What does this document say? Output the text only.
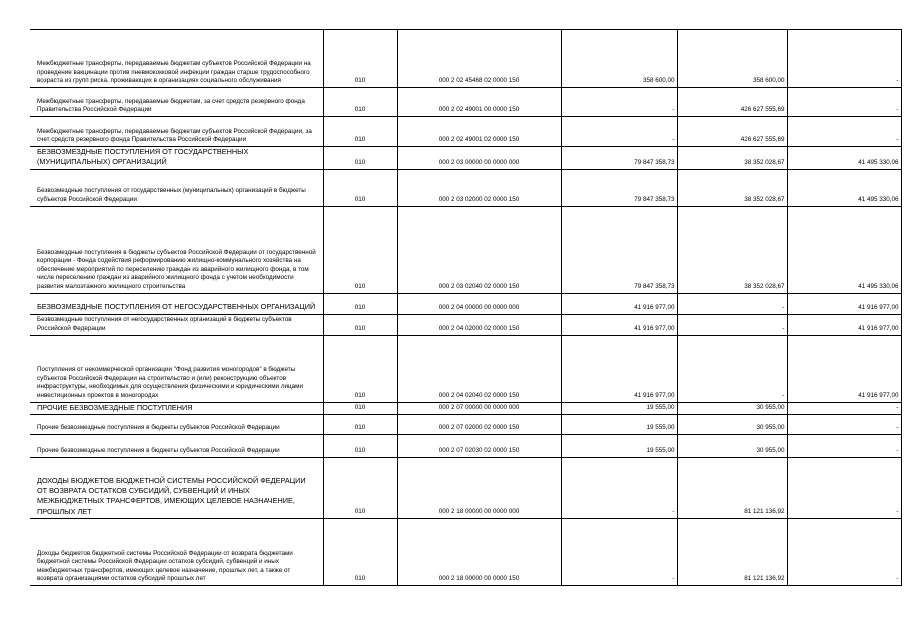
Межбюджетные трансферты, передаваемые бюджетам субъектов Российской Федерации на проведение вакцинации против пневмококковой инфекции граждан старше трудоспособного возраста из групп риска, проживающих в организациях социального обслуживания	010	000 2 02 45468 02 0000 150	358 600,00	358 600,00	-
Межбюджетные трансферты, передаваемые бюджетам, за счет средств резервного фонда Правительства Российской Федерации	010	000 2 02 49001 00 0000 150	-	426 627 555,69	-
Межбюджетные трансферты, передаваемые бюджетам субъектов Российской Федерации, за счет средств резервного фонда Правительства Российской Федерации	010	000 2 02 49001 02 0000 150	-	426 627 555,69	-
БЕЗВОЗМЕЗДНЫЕ ПОСТУПЛЕНИЯ ОТ ГОСУДАРСТВЕННЫХ (МУНИЦИПАЛЬНЫХ) ОРГАНИЗАЦИЙ	010	000 2 03 00000 00 0000 000	79 847 358,73	38 352 028,67	41 495 330,06
Безвозмездные поступления от государственных (муниципальных) организаций в бюджеты субъектов Российской Федерации	010	000 2 03 02000 02 0000 150	79 847 358,73	38 352 028,67	41 495 330,06
Безвозмездные поступления в бюджеты субъектов Российской Федерации от государственной корпорации - Фонда содействия реформированию жилищно-коммунального хозяйства на обеспечение мероприятий по переселению граждан из аварийного жилищного фонда, в том числе переселению граждан из аварийного жилищного фонда с учетом необходимости развития малоэтажного жилищного строительства	010	000 2 03 02040 02 0000 150	79 847 358,73	38 352 028,67	41 495 330,06
БЕЗВОЗМЕЗДНЫЕ ПОСТУПЛЕНИЯ ОТ НЕГОСУДАРСТВЕННЫХ ОРГАНИЗАЦИЙ	010	000 2 04 00000 00 0000 000	41 916 977,00	-	41 916 977,00
Безвозмездные поступления от негосударственных организаций в бюджеты субъектов Российской Федерации	010	000 2 04 02000 02 0000 150	41 916 977,00	-	41 916 977,00
Поступления от некоммерческой организации "Фонд развития моногородов" в бюджеты субъектов Российской Федерации на строительство и (или) реконструкцию объектов инфраструктуры, необходимых для осуществления физическими и юридическими лицами инвестиционных проектов в моногородах	010	000 2 04 02040 02 0000 150	41 916 977,00	-	41 916 977,00
ПРОЧИЕ БЕЗВОЗМЕЗДНЫЕ ПОСТУПЛЕНИЯ	010	000 2 07 00000 00 0000 000	19 555,00	30 955,00	-
Прочие безвозмездные поступления в бюджеты субъектов Российской Федерации	010	000 2 07 02000 02 0000 150	19 555,00	30 955,00	-
Прочие безвозмездные поступления в бюджеты субъектов Российской Федерации	010	000 2 07 02030 02 0000 150	19 555,00	30 955,00	-
ДОХОДЫ БЮДЖЕТОВ БЮДЖЕТНОЙ СИСТЕМЫ РОССИЙСКОЙ ФЕДЕРАЦИИ ОТ ВОЗВРАТА ОСТАТКОВ СУБСИДИЙ, СУБВЕНЦИЙ И ИНЫХ МЕЖБЮДЖЕТНЫХ ТРАНСФЕРТОВ, ИМЕЮЩИХ ЦЕЛЕВОЕ НАЗНАЧЕНИЕ, ПРОШЛЫХ ЛЕТ	010	000 2 18 00000 00 0000 000	-	81 121 136,92	-
Доходы бюджетов бюджетной системы Российской Федерации от возврата бюджетами бюджетной системы Российской Федерации остатков субсидий, субвенций и иных межбюджетных трансфертов, имеющих целевое назначение, прошлых лет, а также от возврата организациями остатков субсидий прошлых лет	010	000 2 18 00000 00 0000 150	-	81 121 136,92	-
